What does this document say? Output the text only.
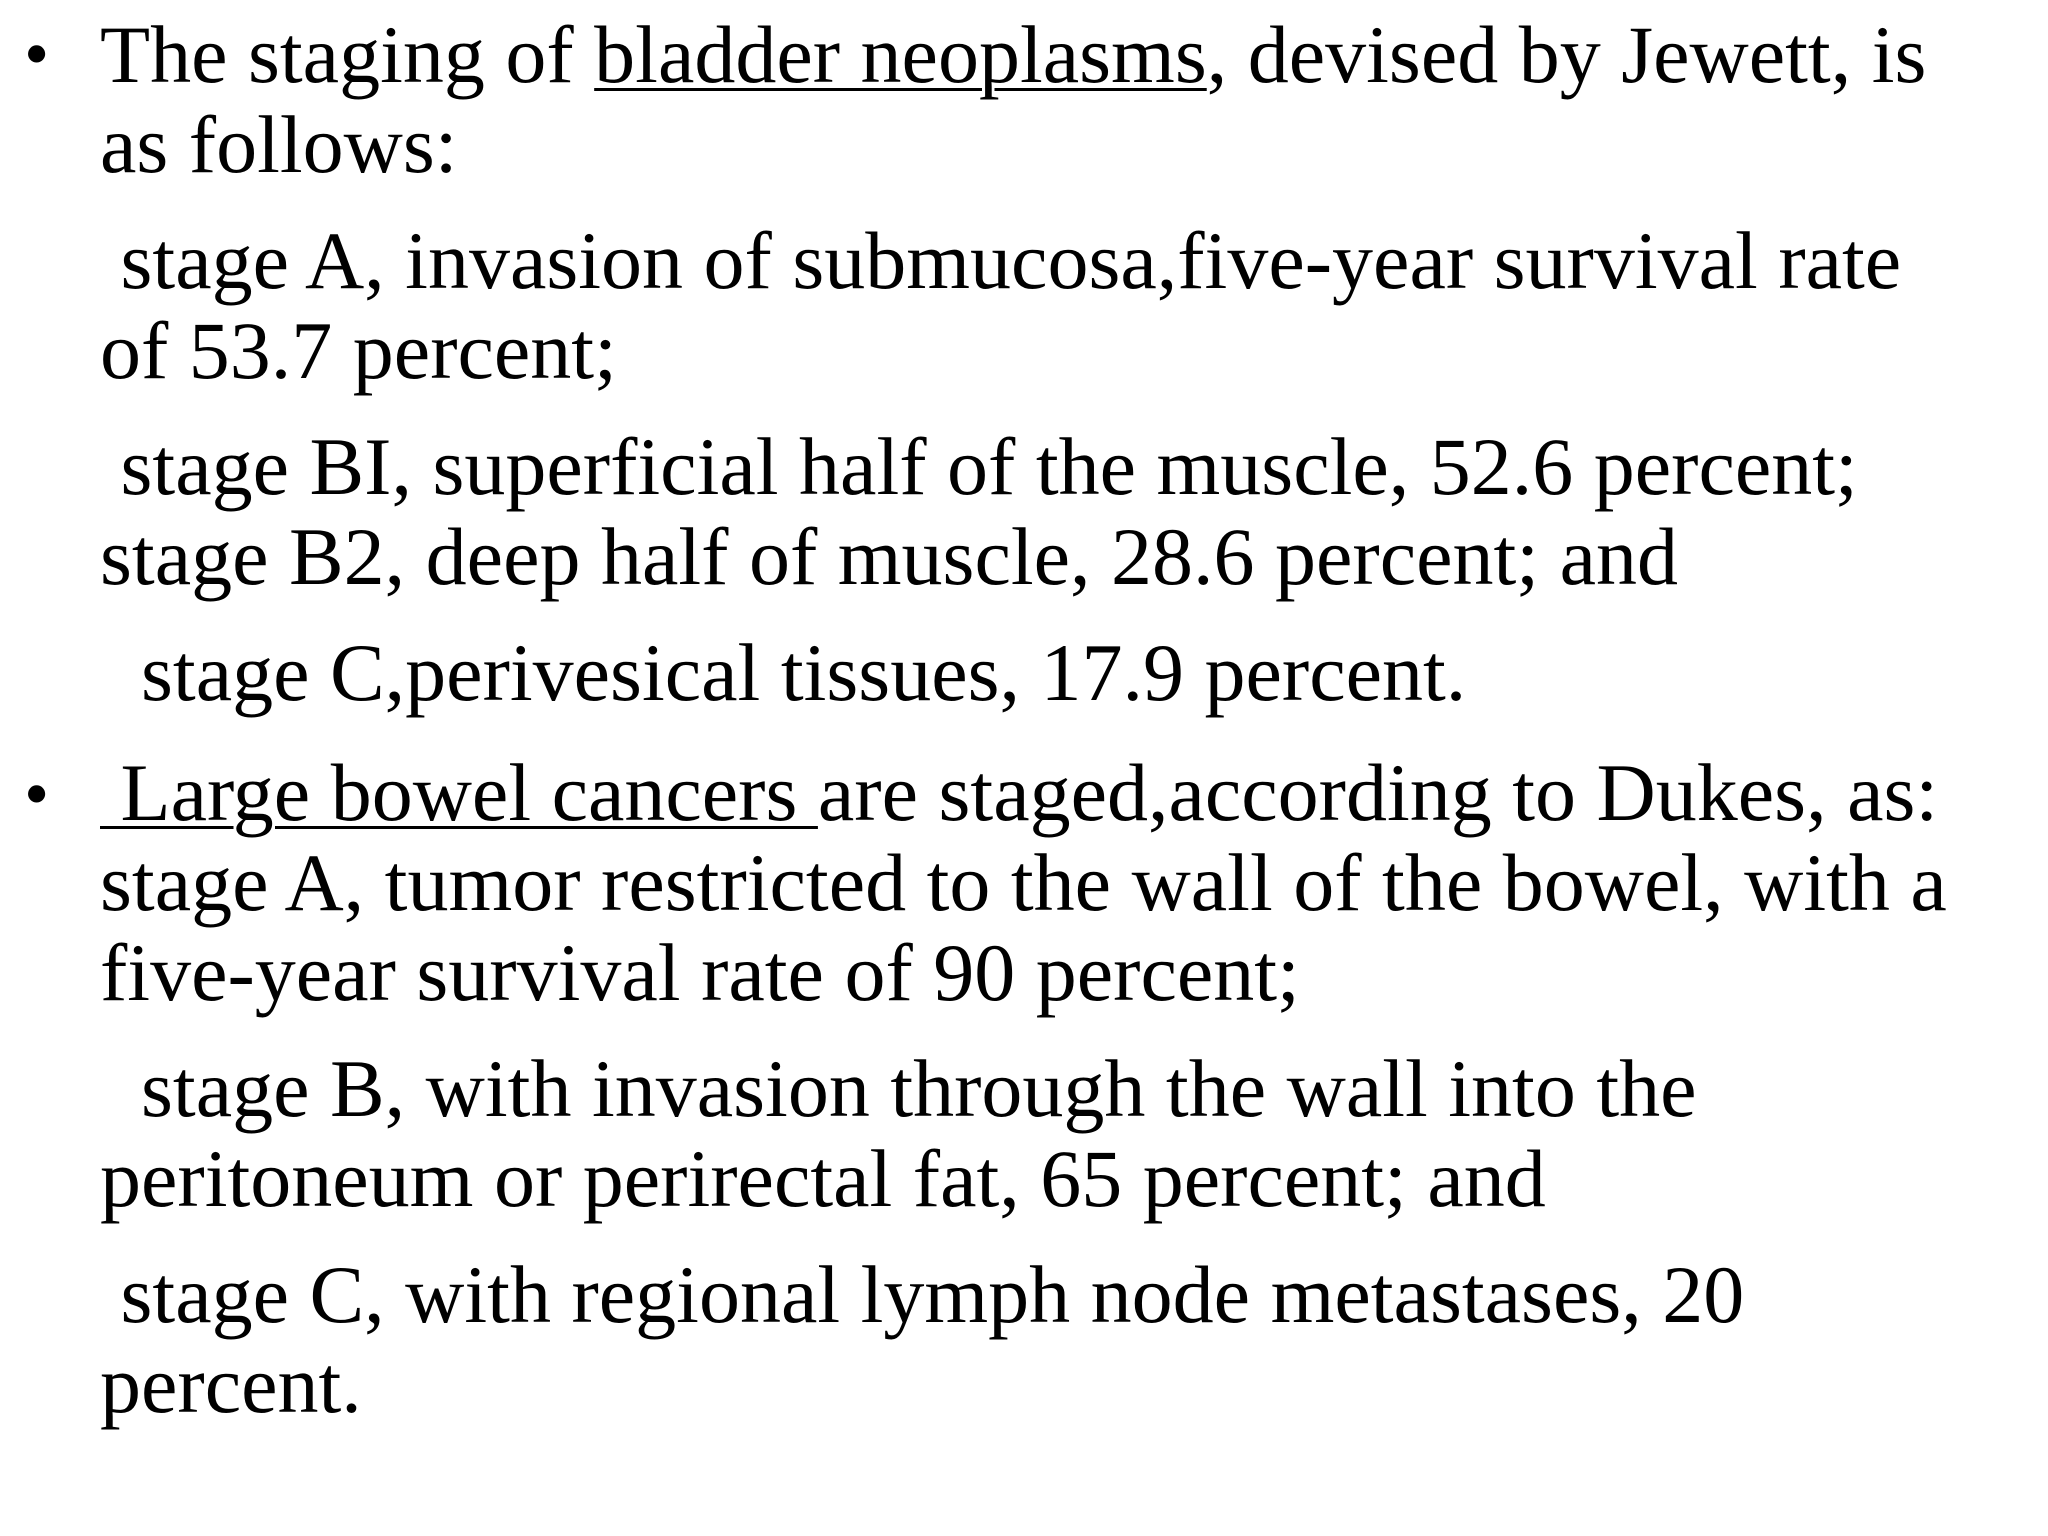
• The staging of bladder neoplasms, devised by Jewett, is
as follows:
stage A, invasion of submucosa,five-year survival rate
of 53.7 percent;
stage BI, superficial half of the muscle, 52.6 percent;
stage B2, deep half of muscle, 28.6 percent; and
stage C,perivesical tissues, 17.9 percent.
• Large bowel cancers are staged,according to Dukes, as:
stage A, tumor restricted to the wall of the bowel, with a
five-year survival rate of 90 percent;
stage B, with invasion through the wall into the
peritoneum or perirectal fat, 65 percent; and
stage C, with regional lymph node metastases, 20
percent.
